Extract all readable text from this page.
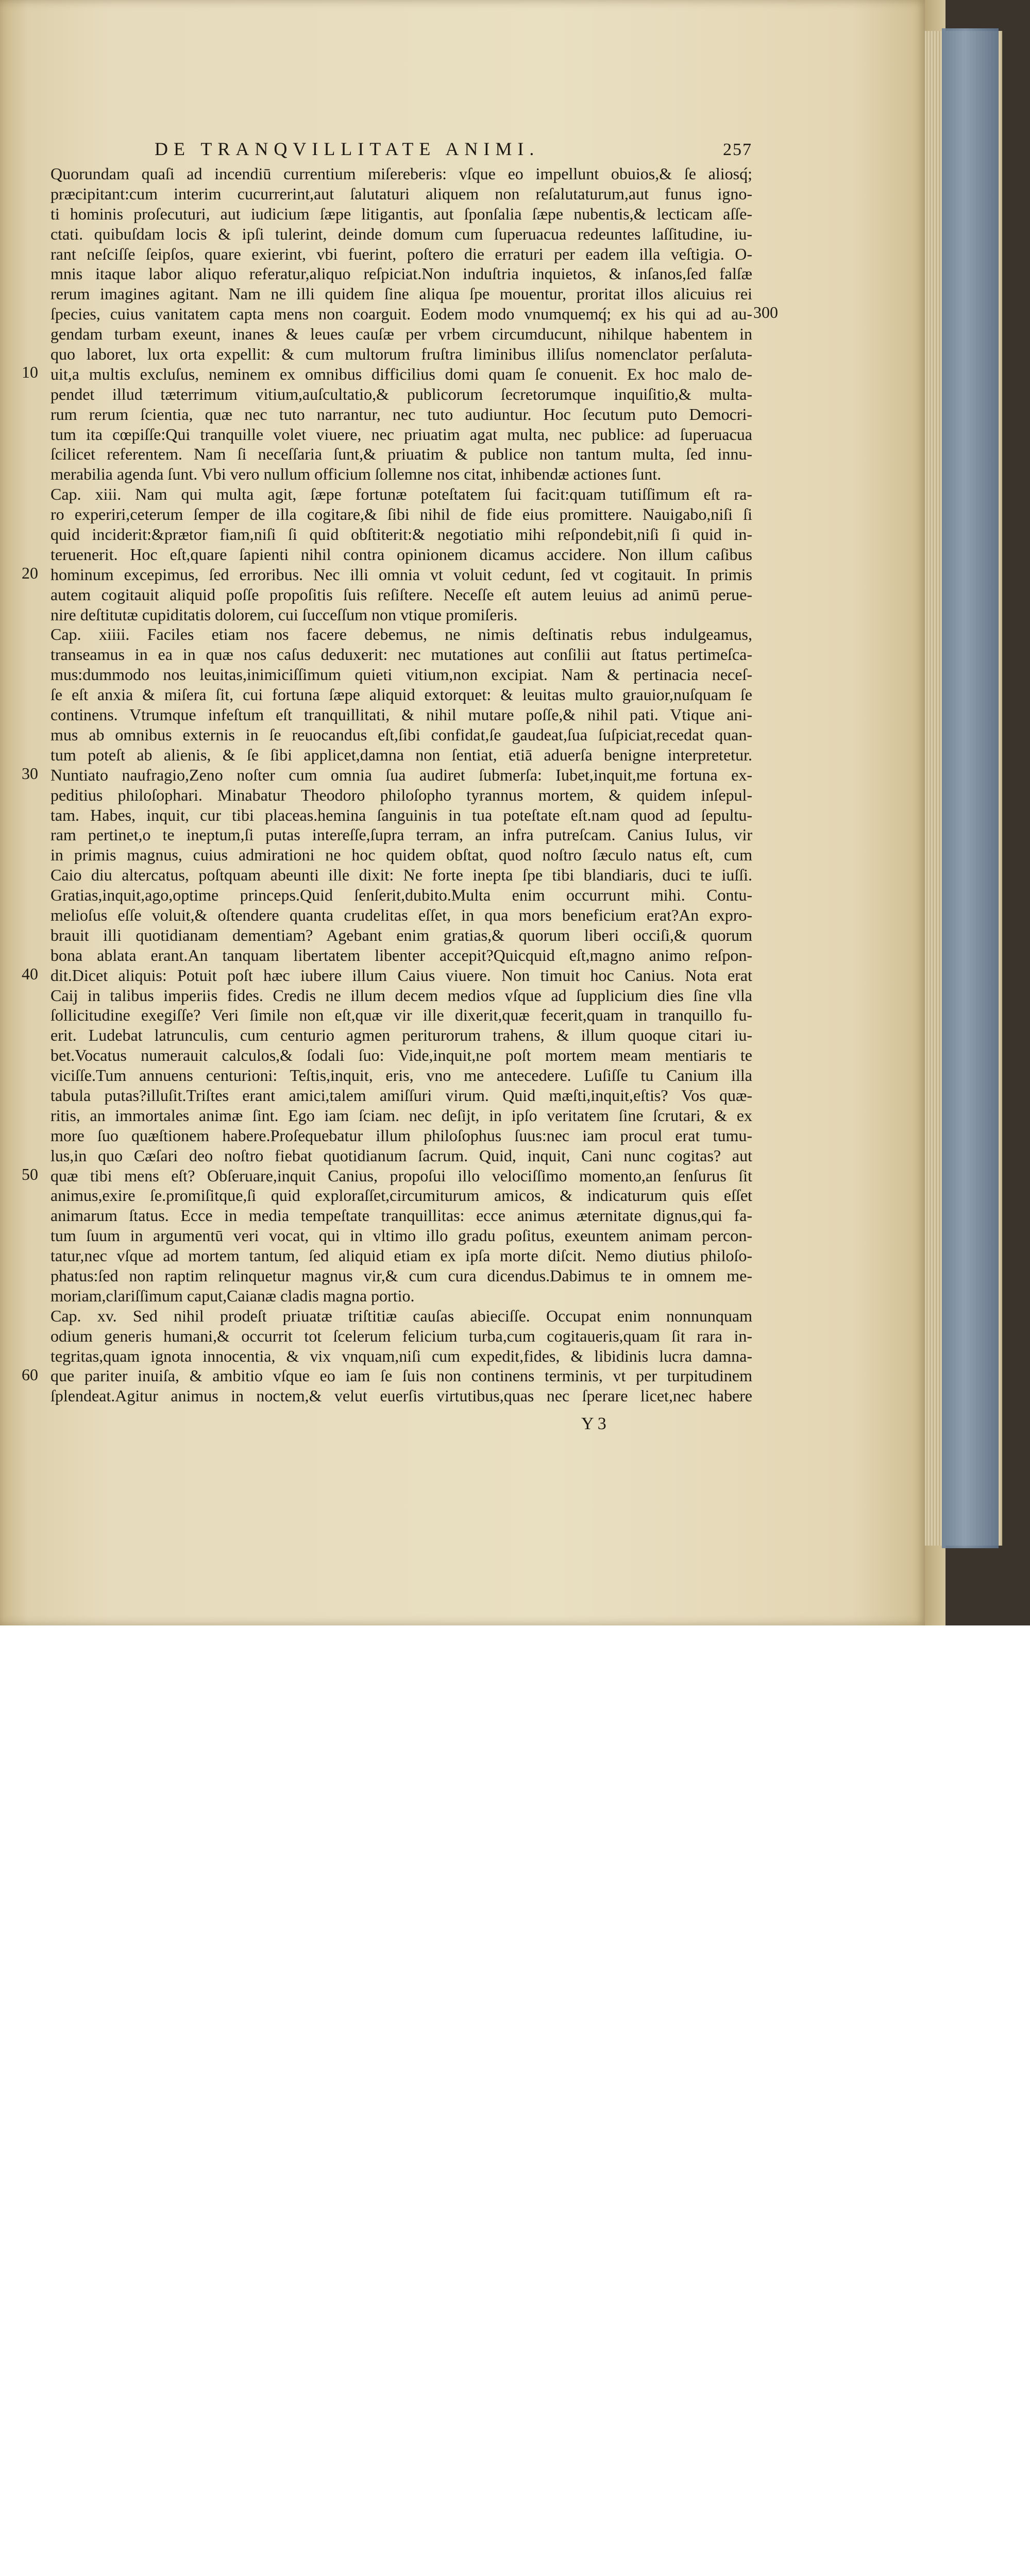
DE TRANQVILLITATE ANIMI.	257
Quorundam quaſi ad incendiū currentium miſereberis: vſque eo impellunt obuios,& ſe aliosq́;
præcipitant:cum interim cucurrerint,aut ſalutaturi aliquem non reſalutaturum,aut funus igno-
ti hominis proſecuturi, aut iudicium ſæpe litigantis, aut ſponſalia ſæpe nubentis,& lecticam aſſe-
ctati. quibuſdam locis & ipſi tulerint, deinde domum cum ſuperuacua redeuntes laſſitudine, iu-
rant neſciſſe ſeipſos, quare exierint, vbi fuerint, poſtero die erraturi per eadem illa veſtigia. O-
mnis itaque labor aliquo referatur,aliquo reſpiciat.Non induſtria inquietos, & inſanos,ſed falſæ
rerum imagines agitant. Nam ne illi quidem ſine aliqua ſpe mouentur, proritat illos alicuius rei
ſpecies, cuius vanitatem capta mens non coarguit. Eodem modo vnumquemq́; ex his qui ad au-
gendam turbam exeunt, inanes & leues cauſæ per vrbem circumducunt, nihilque habentem in
quo laboret, lux orta expellit: & cum multorum fruſtra liminibus illiſus nomenclator perſaluta-
uit,a multis excluſus, neminem ex omnibus difficilius domi quam ſe conuenit. Ex hoc malo de-
pendet illud tæterrimum vitium,auſcultatio,& publicorum ſecretorumque inquiſitio,& multa-
rum rerum ſcientia, quæ nec tuto narrantur, nec tuto audiuntur. Hoc ſecutum puto Democri-
tum ita cœpiſſe:Qui tranquille volet viuere, nec priuatim agat multa, nec publice: ad ſuperuacua
ſcilicet referentem. Nam ſi neceſſaria ſunt,& priuatim & publice non tantum multa, ſed innu-
merabilia agenda ſunt. Vbi vero nullum officium ſollemne nos citat, inhibendæ actiones ſunt.
Cap. xiii. Nam qui multa agit, ſæpe fortunæ poteſtatem ſui facit:quam tutiſſimum eſt ra-
ro experiri,ceterum ſemper de illa cogitare,& ſibi nihil de fide eius promittere. Nauigabo,niſi ſi
quid inciderit:&prætor fiam,niſi ſi quid obſtiterit:& negotiatio mihi reſpondebit,niſi ſi quid in-
teruenerit. Hoc eſt,quare ſapienti nihil contra opinionem dicamus accidere. Non illum caſibus
hominum excepimus, ſed erroribus. Nec illi omnia vt voluit cedunt, ſed vt cogitauit. In primis
autem cogitauit aliquid poſſe propoſitis ſuis reſiſtere. Neceſſe eſt autem leuius ad animū perue-
nire deſtitutæ cupiditatis dolorem, cui ſucceſſum non vtique promiſeris.
Cap. xiiii. Faciles etiam nos facere debemus, ne nimis deſtinatis rebus indulgeamus,
transeamus in ea in quæ nos caſus deduxerit: nec mutationes aut conſilii aut ſtatus pertimeſca-
mus:dummodo nos leuitas,inimiciſſimum quieti vitium,non excipiat. Nam & pertinacia neceſ-
ſe eſt anxia & miſera ſit, cui fortuna ſæpe aliquid extorquet: & leuitas multo grauior,nuſquam ſe
continens. Vtrumque infeſtum eſt tranquillitati, & nihil mutare poſſe,& nihil pati. Vtique ani-
mus ab omnibus externis in ſe reuocandus eſt,ſibi confidat,ſe gaudeat,ſua ſuſpiciat,recedat quan-
tum poteſt ab alienis, & ſe ſibi applicet,damna non ſentiat, etiā aduerſa benigne interpretetur.
Nuntiato naufragio,Zeno noſter cum omnia ſua audiret ſubmerſa: Iubet,inquit,me fortuna ex-
peditius philoſophari. Minabatur Theodoro philoſopho tyrannus mortem, & quidem inſepul-
tam. Habes, inquit, cur tibi placeas.hemina ſanguinis in tua poteſtate eſt.nam quod ad ſepultu-
ram pertinet,o te ineptum,ſi putas intereſſe,ſupra terram, an infra putreſcam. Canius Iulus, vir
in primis magnus, cuius admirationi ne hoc quidem obſtat, quod noſtro ſæculo natus eſt, cum
Caio diu altercatus, poſtquam abeunti ille dixit: Ne forte inepta ſpe tibi blandiaris, duci te iuſſi.
Gratias,inquit,ago,optime princeps.Quid ſenſerit,dubito.Multa enim occurrunt mihi. Contu-
melioſus eſſe voluit,& oſtendere quanta crudelitas eſſet, in qua mors beneficium erat?An expro-
brauit illi quotidianam dementiam? Agebant enim gratias,& quorum liberi occiſi,& quorum
bona ablata erant.An tanquam libertatem libenter accepit?Quicquid eſt,magno animo reſpon-
dit.Dicet aliquis: Potuit poſt hæc iubere illum Caius viuere. Non timuit hoc Canius. Nota erat
Caij in talibus imperiis fides. Credis ne illum decem medios vſque ad ſupplicium dies ſine vlla
ſollicitudine exegiſſe? Veri ſimile non eſt,quæ vir ille dixerit,quæ fecerit,quam in tranquillo fu-
erit. Ludebat latrunculis, cum centurio agmen periturorum trahens, & illum quoque citari iu-
bet.Vocatus numerauit calculos,& ſodali ſuo: Vide,inquit,ne poſt mortem meam mentiaris te
viciſſe.Tum annuens centurioni: Teſtis,inquit, eris, vno me antecedere. Luſiſſe tu Canium illa
tabula putas?illuſit.Triſtes erant amici,talem amiſſuri virum. Quid mæſti,inquit,eſtis? Vos quæ-
ritis, an immortales animæ ſint. Ego iam ſciam. nec deſijt, in ipſo veritatem ſine ſcrutari, & ex
more ſuo quæſtionem habere.Proſequebatur illum philoſophus ſuus:nec iam procul erat tumu-
lus,in quo Cæſari deo noſtro fiebat quotidianum ſacrum. Quid, inquit, Cani nunc cogitas? aut
quæ tibi mens eſt? Obſeruare,inquit Canius, propoſui illo velociſſimo momento,an ſenſurus ſit
animus,exire ſe.promiſitque,ſi quid exploraſſet,circumiturum amicos, & indicaturum quis eſſet
animarum ſtatus. Ecce in media tempeſtate tranquillitas: ecce animus æternitate dignus,qui fa-
tum ſuum in argumentū veri vocat, qui in vltimo illo gradu poſitus, exeuntem animam percon-
tatur,nec vſque ad mortem tantum, ſed aliquid etiam ex ipſa morte diſcit. Nemo diutius philoſo-
phatus:ſed non raptim relinquetur magnus vir,& cum cura dicendus.Dabimus te in omnem me-
moriam,clariſſimum caput,Caianæ cladis magna portio.
Cap. xv. Sed nihil prodeſt priuatæ triſtitiæ cauſas abieciſſe. Occupat enim nonnunquam
odium generis humani,& occurrit tot ſcelerum felicium turba,cum cogitaueris,quam ſit rara in-
tegritas,quam ignota innocentia, & vix vnquam,niſi cum expedit,fides, & libidinis lucra damna-
que pariter inuiſa, & ambitio vſque eo iam ſe ſuis non continens terminis, vt per turpitudinem
ſplendeat.Agitur animus in noctem,& velut euerſis virtutibus,quas nec ſperare licet,nec habere
300
10
20
30
40
50
60
Y 3
